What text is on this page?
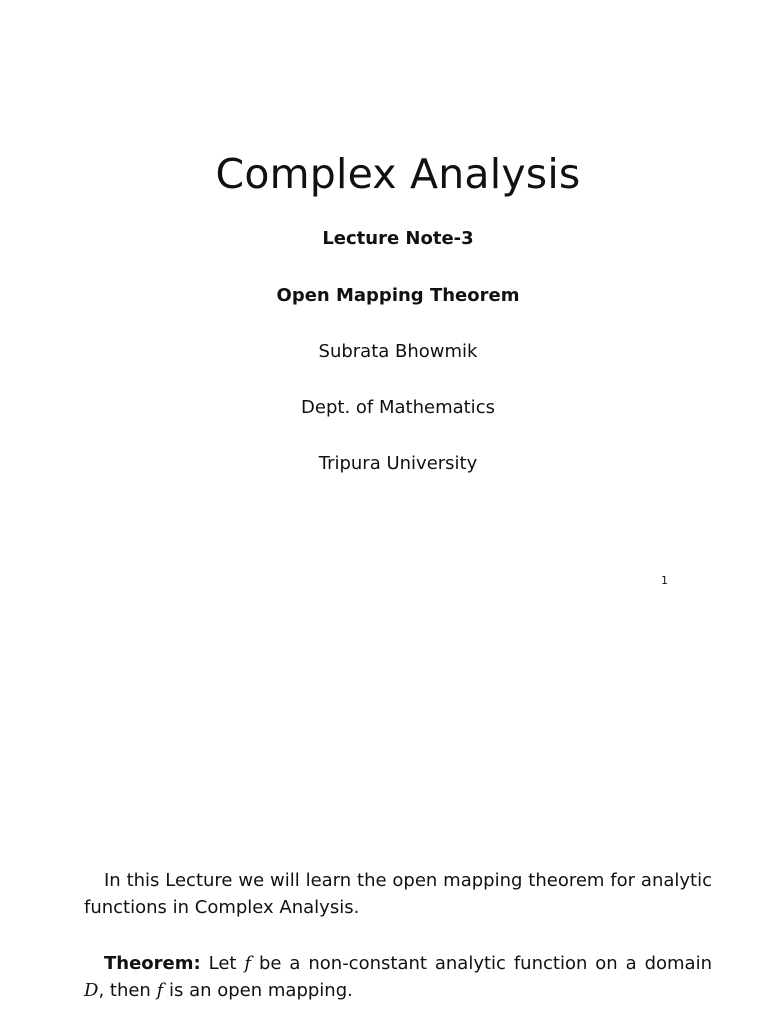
Complex Analysis
Lecture Note-3
Open Mapping Theorem
Subrata Bhowmik
Dept. of Mathematics
Tripura University
1

In this Lecture we will learn the open mapping theorem for analytic functions in Complex Analysis.

Theorem: Let f be a non-constant analytic function on a domain D, then f is an open mapping.
